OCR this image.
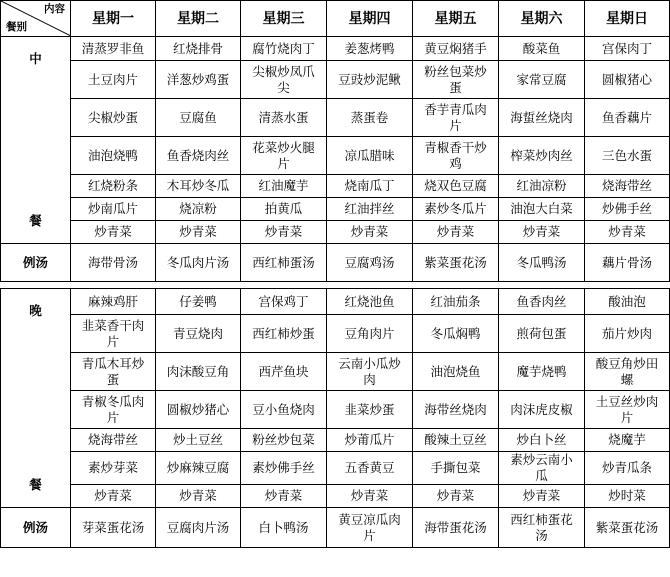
内容
餐别	星期一	星期二	星期三	星期四	星期五	星期六	星期日

中
餐	清蒸罗非鱼	红烧排骨	腐竹烧肉丁	姜葱烤鸭	黄豆焖猪手	酸菜鱼	宫保肉丁
	土豆肉片	洋葱炒鸡蛋	尖椒炒凤爪尖	豆豉炒泥鳅	粉丝包菜炒蛋	家常豆腐	圆椒猪心
	尖椒炒蛋	豆腐鱼	清蒸水蛋	蒸蛋卷	香芋青瓜肉片	海蜇丝烧肉	鱼香藕片
	油泡烧鸭	鱼香烧肉丝	花菜炒火腿片	凉瓜腊味	青椒香干炒鸡	榨菜炒肉丝	三色水蛋
	红烧粉条	木耳炒冬瓜	红油魔芋	烧南瓜丁	烧双色豆腐	红油凉粉	烧海带丝
	炒南瓜片	烧凉粉	拍黄瓜	红油拌丝	素炒冬瓜片	油泡大白菜	炒佛手丝
	炒青菜	炒青菜	炒青菜	炒青菜	炒青菜	炒青菜	炒青菜
例汤	海带骨汤	冬瓜肉片汤	西红柿蛋汤	豆腐鸡汤	紫菜蛋花汤	冬瓜鸭汤	藕片骨汤

晚
餐	麻辣鸡肝	仔姜鸭	宫保鸡丁	红烧池鱼	红油茄条	鱼香肉丝	酸油泡
	韭菜香干肉片	青豆烧肉	西红柿炒蛋	豆角肉片	冬瓜焖鸭	煎荷包蛋	茄片炒肉
	青瓜木耳炒蛋	肉沫酸豆角	西芹鱼块	云南小瓜炒肉	油泡烧鱼	魔芋烧鸭	酸豆角炒田螺
	青椒冬瓜肉片	圆椒炒猪心	豆小鱼烧肉	韭菜炒蛋	海带丝烧肉	肉沫虎皮椒	土豆丝炒肉片
	烧海带丝	炒土豆丝	粉丝炒包菜	炒莆瓜片	酸辣土豆丝	炒白卜丝	烧魔芋
	素炒芽菜	炒麻辣豆腐	素炒佛手丝	五香黄豆	手撕包菜	素炒云南小瓜	炒青瓜条
	炒青菜	炒青菜	炒青菜	炒青菜	炒青菜	炒青菜	炒时菜
例汤	芽菜蛋花汤	豆腐肉片汤	白卜鸭汤	黄豆凉瓜肉片	海带蛋花汤	西红柿蛋花汤	紫菜蛋花汤
